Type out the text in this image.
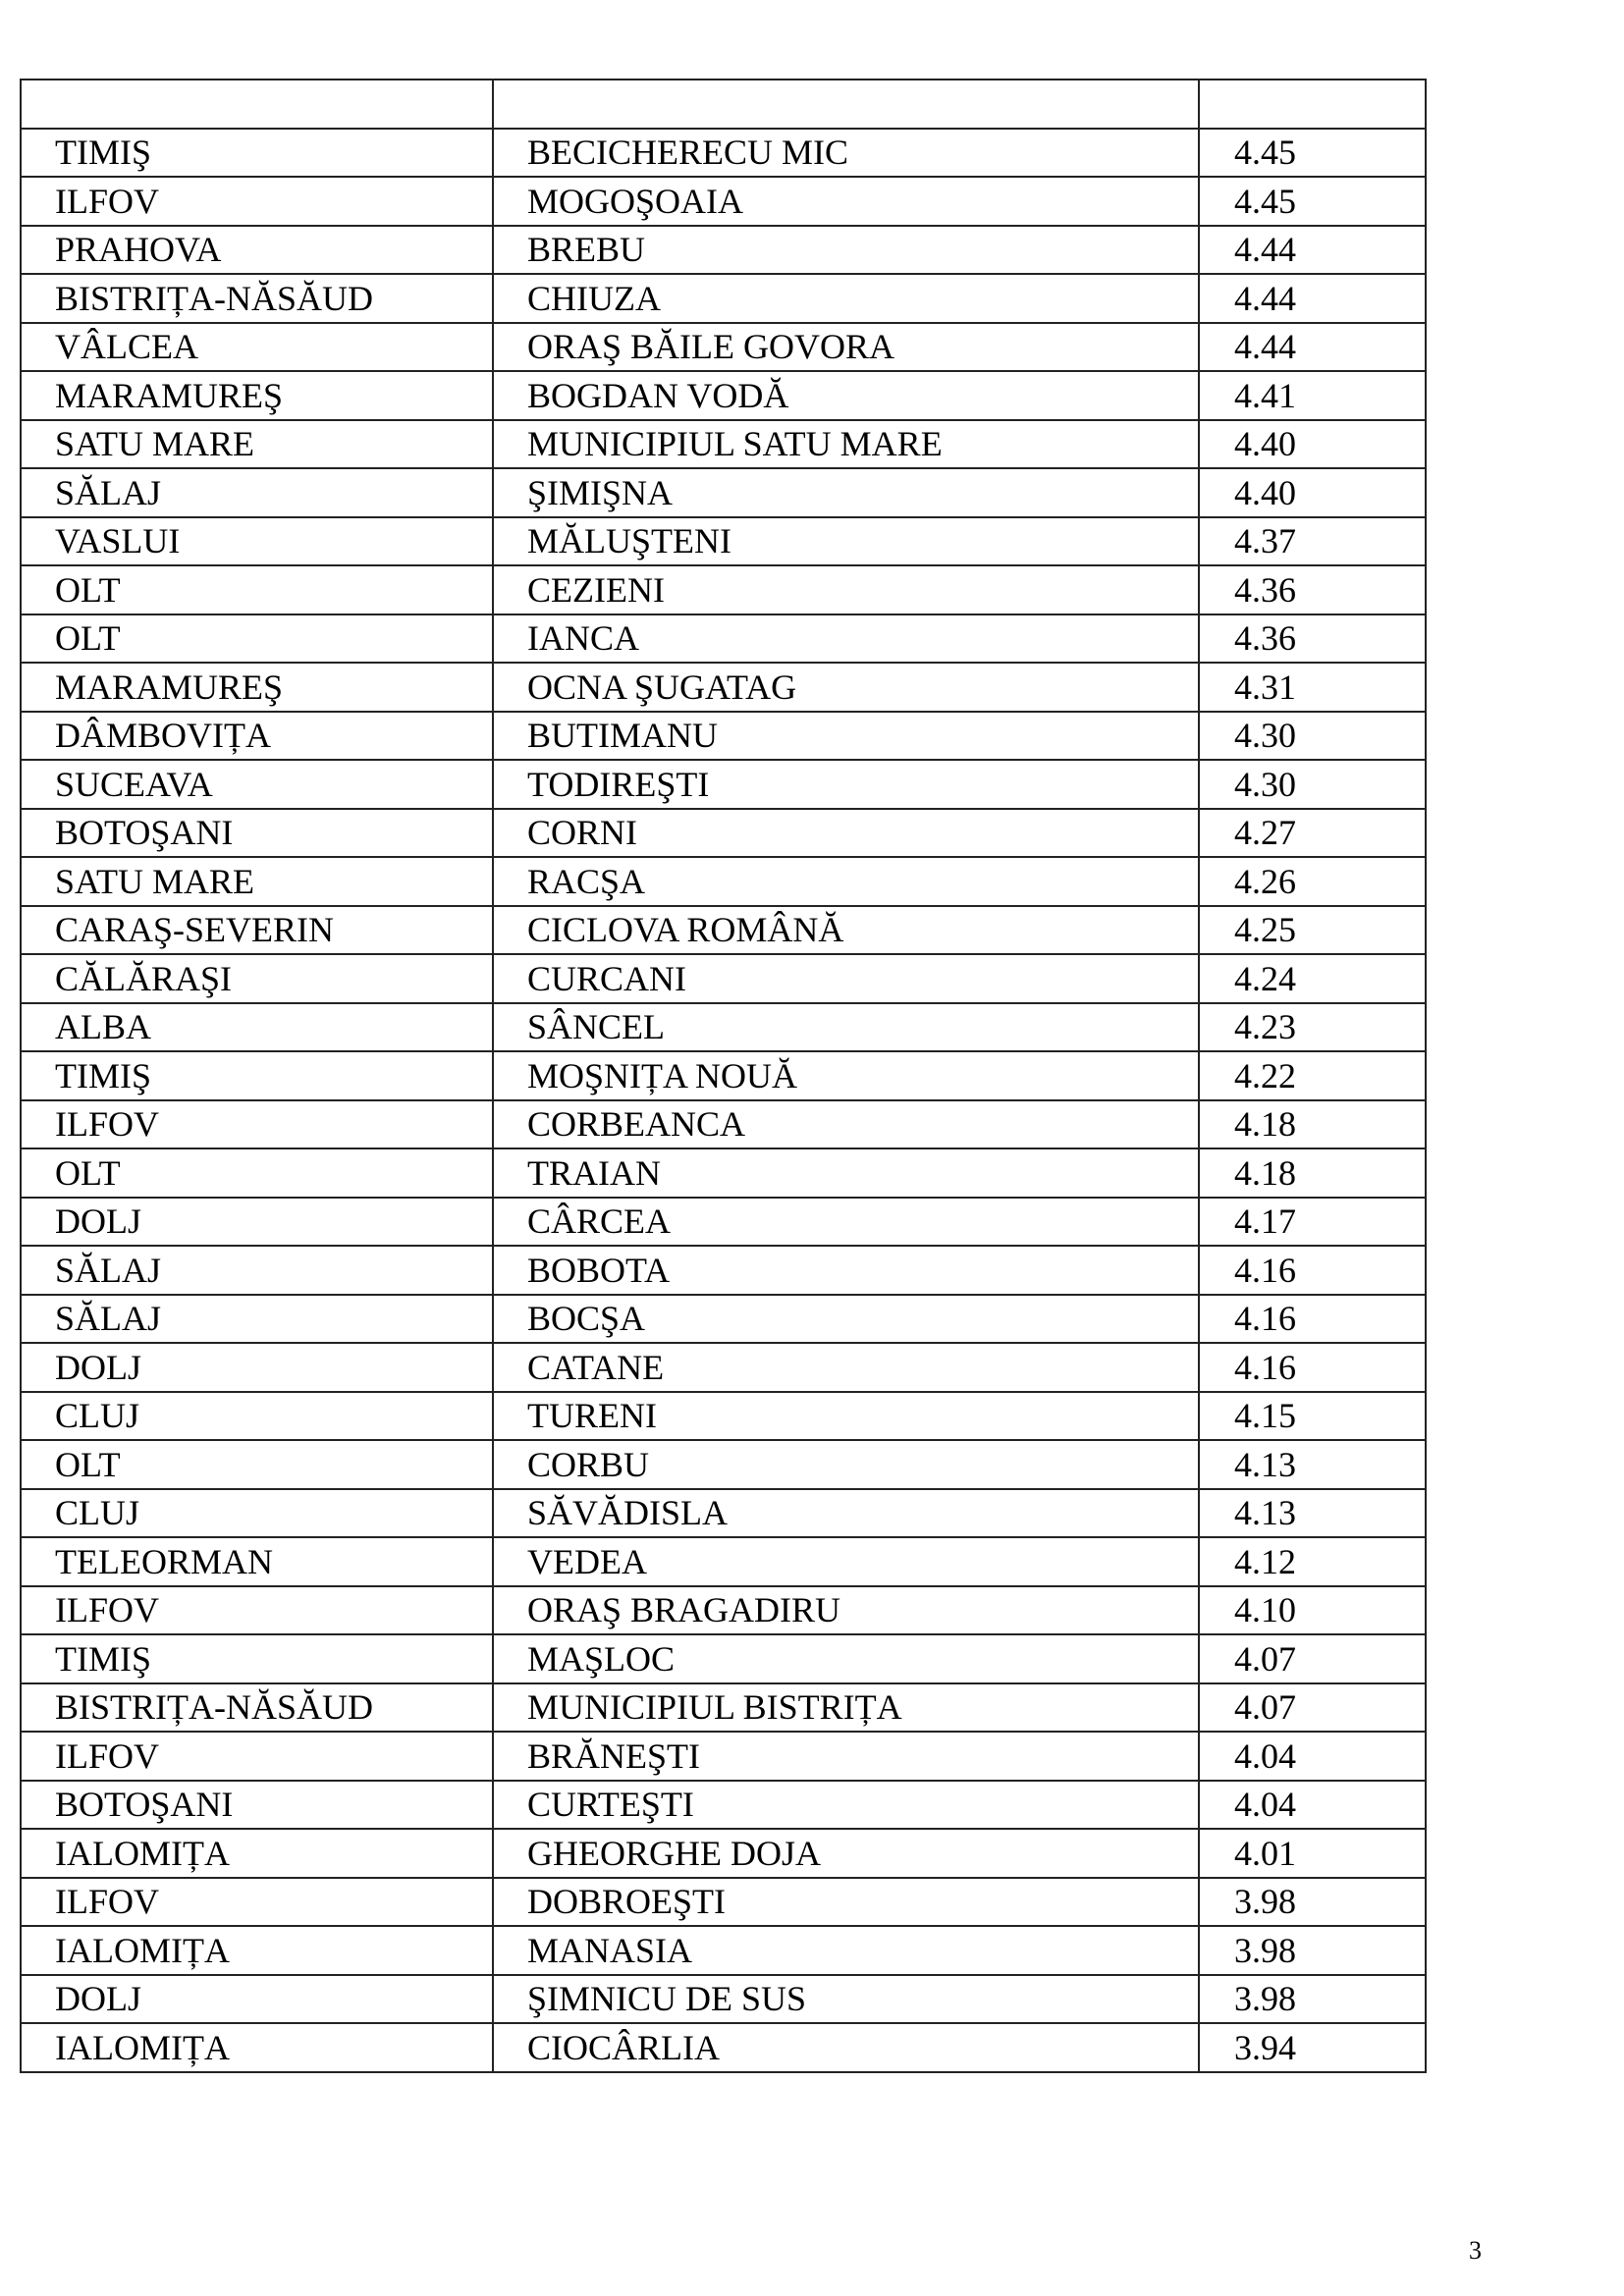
TIMIŞ	BECICHERECU MIC	4.45
ILFOV	MOGOŞOAIA	4.45
PRAHOVA	BREBU	4.44
BISTRIȚA-NĂSĂUD	CHIUZA	4.44
VÂLCEA	ORAŞ BĂILE GOVORA	4.44
MARAMUREŞ	BOGDAN VODĂ	4.41
SATU MARE	MUNICIPIUL SATU MARE	4.40
SĂLAJ	ŞIMIŞNA	4.40
VASLUI	MĂLUŞTENI	4.37
OLT	CEZIENI	4.36
OLT	IANCA	4.36
MARAMUREŞ	OCNA ŞUGATAG	4.31
DÂMBOVIȚA	BUTIMANU	4.30
SUCEAVA	TODIREŞTI	4.30
BOTOŞANI	CORNI	4.27
SATU MARE	RACŞA	4.26
CARAŞ-SEVERIN	CICLOVA ROMÂNĂ	4.25
CĂLĂRAŞI	CURCANI	4.24
ALBA	SÂNCEL	4.23
TIMIŞ	MOŞNIȚA NOUĂ	4.22
ILFOV	CORBEANCA	4.18
OLT	TRAIAN	4.18
DOLJ	CÂRCEA	4.17
SĂLAJ	BOBOTA	4.16
SĂLAJ	BOCŞA	4.16
DOLJ	CATANE	4.16
CLUJ	TURENI	4.15
OLT	CORBU	4.13
CLUJ	SĂVĂDISLA	4.13
TELEORMAN	VEDEA	4.12
ILFOV	ORAŞ BRAGADIRU	4.10
TIMIŞ	MAŞLOC	4.07
BISTRIȚA-NĂSĂUD	MUNICIPIUL BISTRIȚA	4.07
ILFOV	BRĂNEŞTI	4.04
BOTOŞANI	CURTEŞTI	4.04
IALOMIȚA	GHEORGHE DOJA	4.01
ILFOV	DOBROEŞTI	3.98
IALOMIȚA	MANASIA	3.98
DOLJ	ŞIMNICU DE SUS	3.98
IALOMIȚA	CIOCÂRLIA	3.94
3
